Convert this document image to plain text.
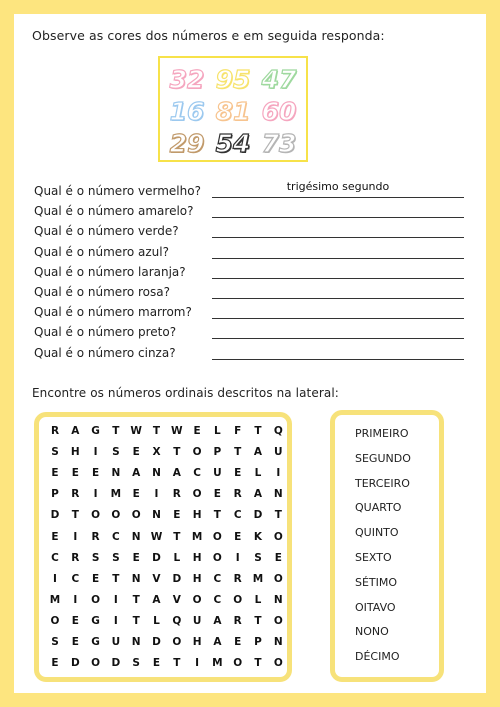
Observe as cores dos números e em seguida responda:
32 95 47
16 81 60
29 54 73
Qual é o número vermelho?	trigésimo segundo
Qual é o número amarelo?
Qual é o número verde?
Qual é o número azul?
Qual é o número laranja?
Qual é o número rosa?
Qual é o número marrom?
Qual é o número preto?
Qual é o número cinza?
Encontre os números ordinais descritos na lateral:
R	A	G	T	W	T	W	E	L	F	T	Q
S	H	I	S	E	X	T	O	P	T	A	U
E	E	E	N	A	N	A	C	U	E	L	I
P	R	I	M	E	I	R	O	E	R	A	N
D	T	O	O	O	N	E	H	T	C	D	T
E	I	R	C	N W	T	M	O	E	K	O
C	R	S	S	E	D	L	H	O	I	S	E
I	C	E	T	N	V	D	H	C	R	M	O
M	I	O	I	T	A	V	O	C	O	L	N
O	E	G	I	T	L	Q	U	A	R	T	O
S	E	G	U	N	D	O	H	A	E	P	N
E	D	O	D	S	E	T	I	M	O	T	O
PRIMEIRO
SEGUNDO
TERCEIRO
QUARTO
QUINTO
SEXTO
SÉTIMO
OITAVO
NONO
DÉCIMO
